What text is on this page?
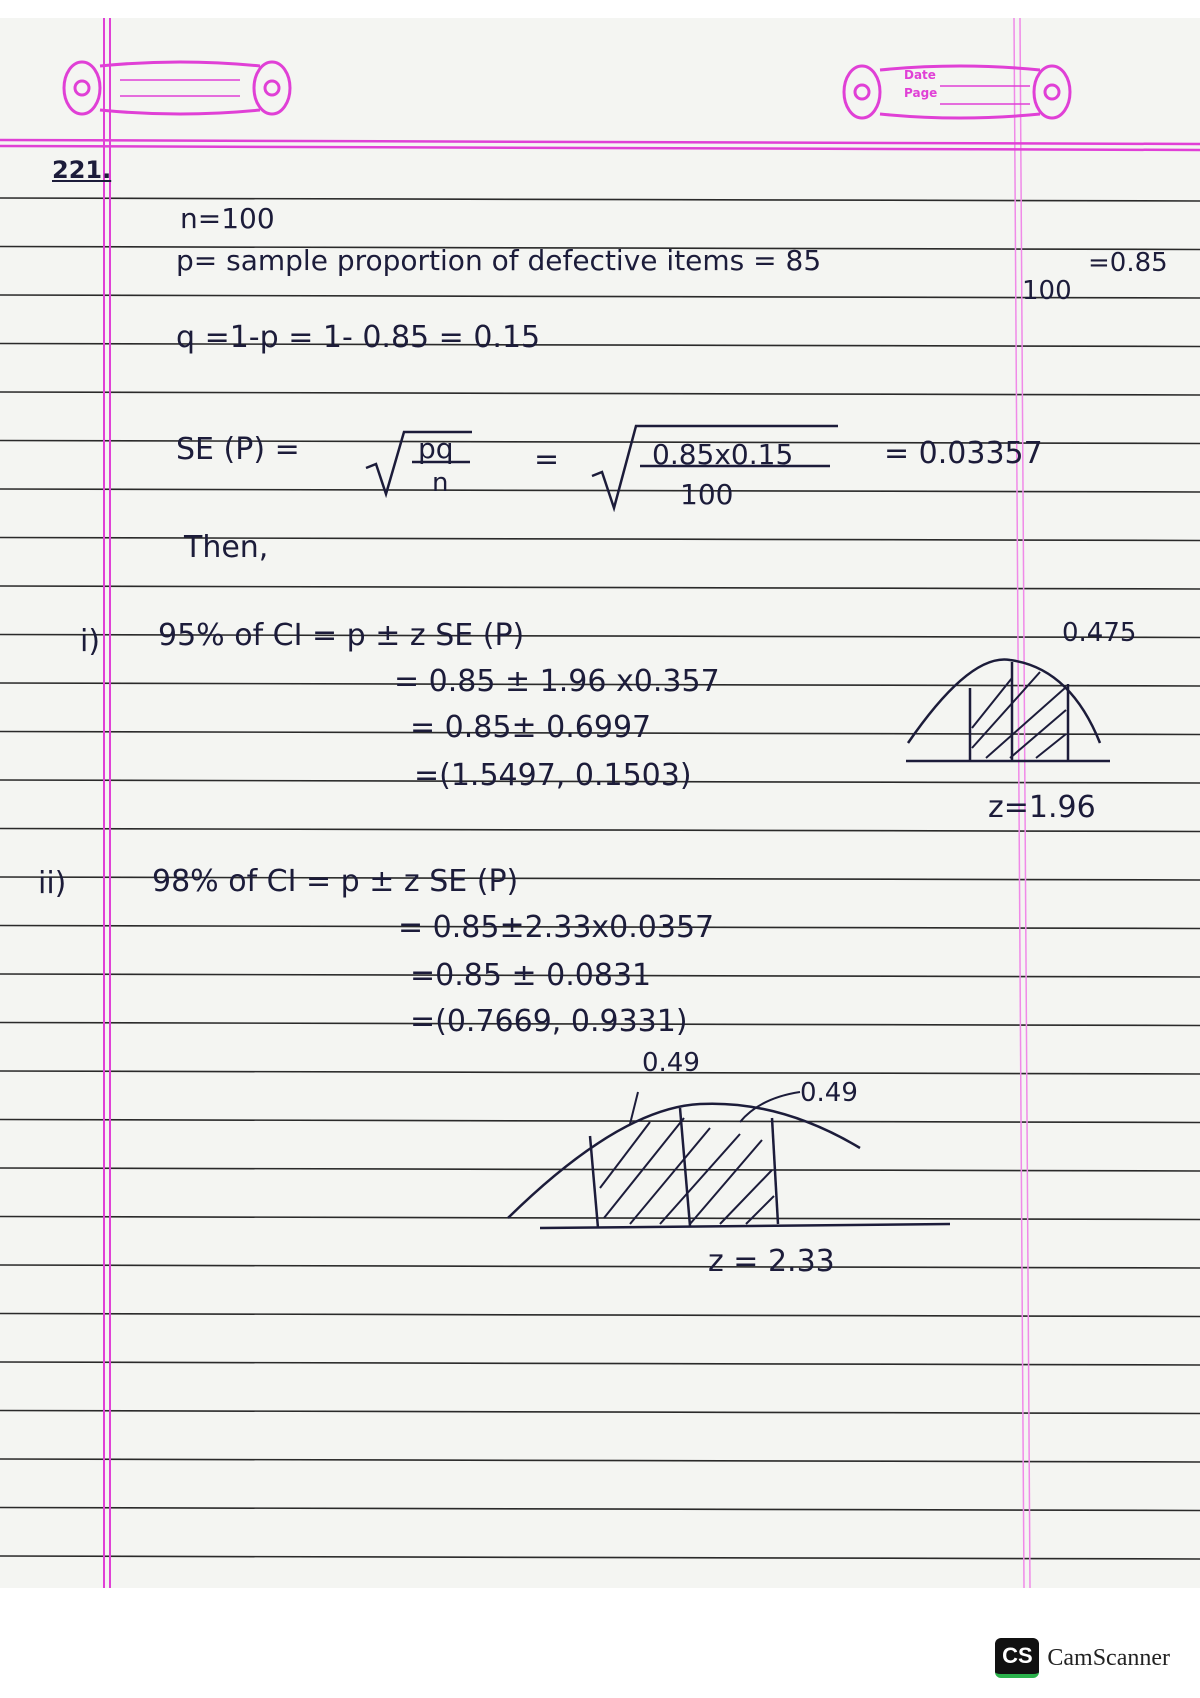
Date
Page
221.
n=100
p= sample proportion of defective items = 85
100
=0.85
q =1-p = 1- 0.85 = 0.15
SE (P) =	pq
n
=	0.85x0.15
100
= 0.03357
Then,
i) 95% of CI = p ± z SE (P)
= 0.85 ± 1.96 x0.357
= 0.85± 0.6997
=(1.5497, 0.1503)
0.475
z=1.96
ii)	98% of CI = p ± z SE (P)
= 0.85±2.33x0.0357
=0.85 ± 0.0831
=(0.7669, 0.9331)
0.49
0.49
z = 2.33
CS CamScanner
